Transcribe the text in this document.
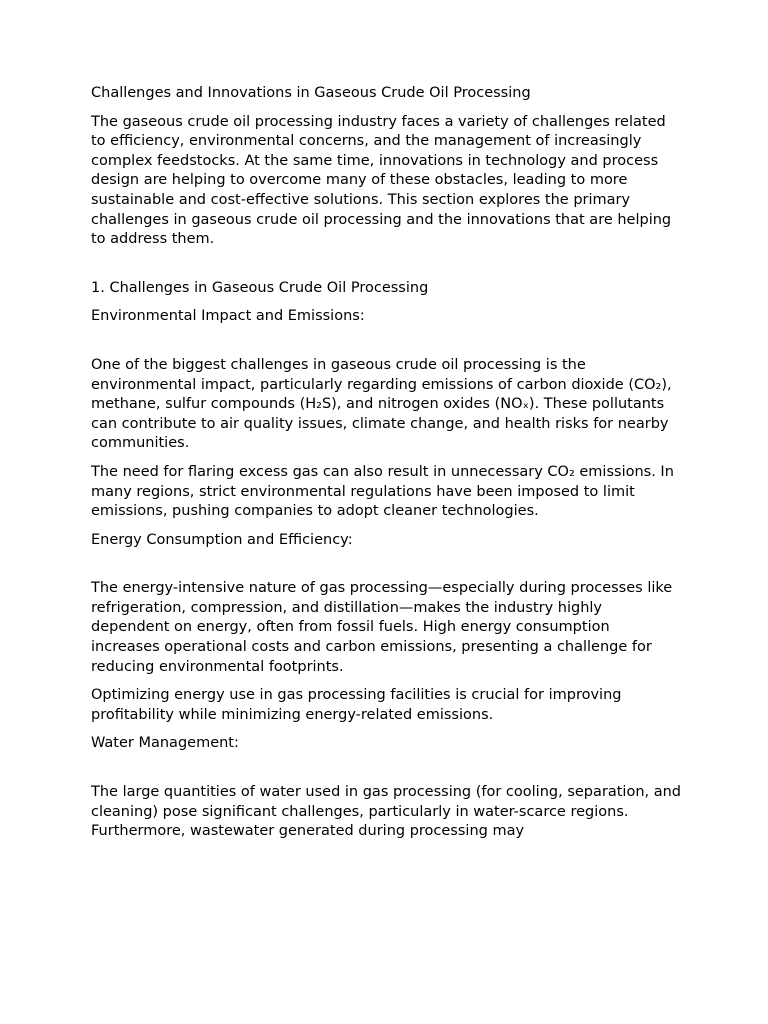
Challenges and Innovations in Gaseous Crude Oil Processing

The gaseous crude oil processing industry faces a variety of challenges related to efficiency, environmental concerns, and the management of increasingly complex feedstocks. At the same time, innovations in technology and process design are helping to overcome many of these obstacles, leading to more sustainable and cost-effective solutions. This section explores the primary challenges in gaseous crude oil processing and the innovations that are helping to address them.

1. Challenges in Gaseous Crude Oil Processing

Environmental Impact and Emissions:

One of the biggest challenges in gaseous crude oil processing is the environmental impact, particularly regarding emissions of carbon dioxide (CO₂), methane, sulfur compounds (H₂S), and nitrogen oxides (NOₓ). These pollutants can contribute to air quality issues, climate change, and health risks for nearby communities.

The need for flaring excess gas can also result in unnecessary CO₂ emissions. In many regions, strict environmental regulations have been imposed to limit emissions, pushing companies to adopt cleaner technologies.

Energy Consumption and Efficiency:

The energy-intensive nature of gas processing—especially during processes like refrigeration, compression, and distillation—makes the industry highly dependent on energy, often from fossil fuels. High energy consumption increases operational costs and carbon emissions, presenting a challenge for reducing environmental footprints.

Optimizing energy use in gas processing facilities is crucial for improving profitability while minimizing energy-related emissions.

Water Management:

The large quantities of water used in gas processing (for cooling, separation, and cleaning) pose significant challenges, particularly in water-scarce regions. Furthermore, wastewater generated during processing may
